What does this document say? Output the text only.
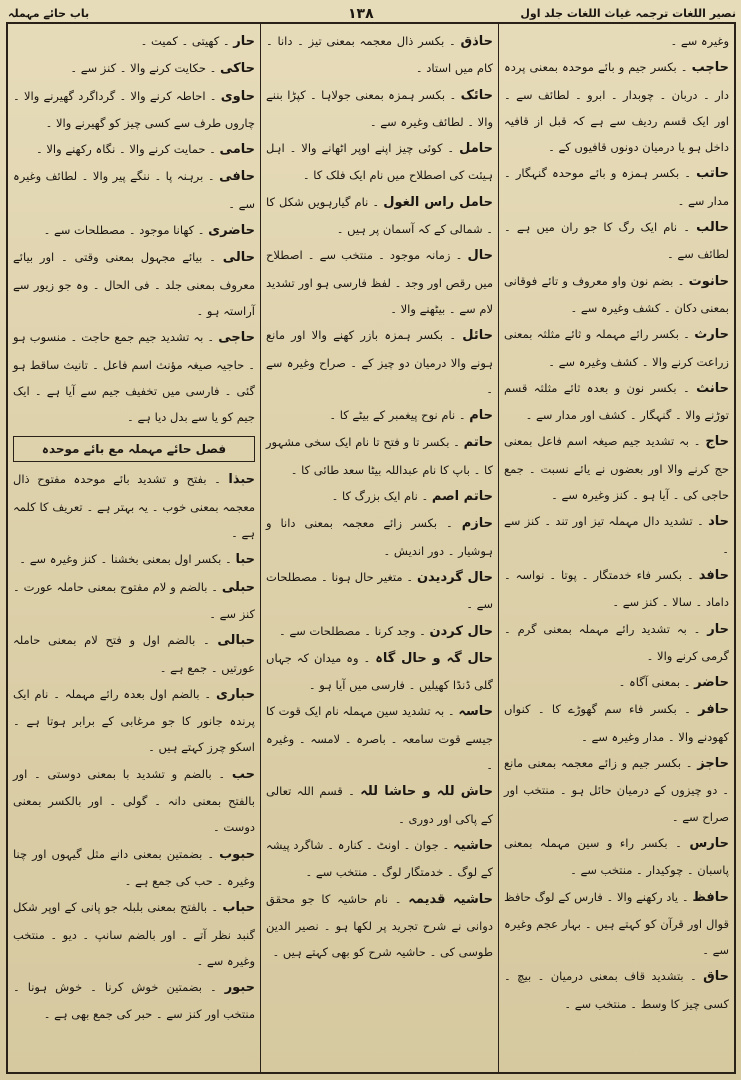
نصیر اللغات ترجمہ غیاث اللغات جلد اول
۱۳۸
باب حائے مہملہ
وغیرہ سے ۔
حاجب ۔ بکسر جیم و بائے موحدہ بمعنی پردہ دار ۔ دربان ۔ چوبدار ۔ ابرو ۔ لطائف سے ۔ اور ایک قسم ردیف سے ہے کہ قبل از قافیہ داخل ہو یا درمیان دونوں قافیوں کے ۔
حاتب ۔ بکسر ہمزہ و بائے موحدہ گنہگار ۔ مدار سے ۔
حالب ۔ نام ایک رگ کا جو ران میں ہے ۔ لطائف سے ۔
حانوت ۔ بضم نون واو معروف و تائے فوقانی بمعنی دکان ۔ کشف وغیرہ سے ۔
حارث ۔ بکسر رائے مہملہ و ثائے مثلثہ بمعنی زراعت کرنے والا ۔ کشف وغیرہ سے ۔
حانث ۔ بکسر نون و بعدہ ثائے مثلثہ قسم توڑنے والا ۔ گنہگار ۔ کشف اور مدار سے ۔
حاج ۔ بہ تشدید جیم صیغہ اسم فاعل بمعنی حج کرنے والا اور بعضوں نے یائے نسبت ۔ جمع حاجی کی ۔ آیا ہو ۔ کنز وغیرہ سے ۔
حاد ۔ تشدید دال مہملہ تیز اور تند ۔ کنز سے ۔
حافد ۔ بکسر فاء خدمتگار ۔ پوتا ۔ نواسہ ۔ داماد ۔ سالا ۔ کنز سے ۔
حار ۔ بہ تشدید رائے مہملہ بمعنی گرم ۔ گرمی کرنے والا ۔
حاضر ۔ بمعنی آگاہ ۔
حافر ۔ بکسر فاء سم گھوڑے کا ۔ کنواں کھودنے والا ۔ مدار وغیرہ سے ۔
حاجز ۔ بکسر جیم و زائے معجمہ بمعنی مانع ۔ دو چیزوں کے درمیان حائل ہو ۔ منتخب اور صراح سے ۔
حارس ۔ بکسر راء و سین مہملہ بمعنی پاسبان ۔ چوکیدار ۔ منتخب سے ۔
حافظ ۔ یاد رکھنے والا ۔ فارس کے لوگ حافظ قوال اور قرآن کو کہتے ہیں ۔ بہار عجم وغیرہ سے ۔
حاق ۔ بتشدید قاف بمعنی درمیان ۔ بیچ ۔ کسی چیز کا وسط ۔ منتخب سے ۔
حاذق ۔ بکسر ذال معجمہ بمعنی تیز ۔ دانا ۔ کام میں استاد ۔
حائک ۔ بکسر ہمزہ بمعنی جولاہا ۔ کپڑا بننے والا ۔ لطائف وغیرہ سے ۔
حامل ۔ کوئی چیز اپنے اوپر اٹھانے والا ۔ اہل ہیئت کی اصطلاح میں نام ایک فلک کا ۔
حامل راس الغول ۔ نام گیارہویں شکل کا ۔ شمالی کے کہ آسمان پر ہیں ۔
حال ۔ زمانہ موجود ۔ منتخب سے ۔ اصطلاح میں رقص اور وجد ۔ لفظ فارسی ہو اور تشدید لام سے ۔ بیٹھنے والا ۔
حائل ۔ بکسر ہمزہ بازر کھنے والا اور مانع ہونے والا درمیان دو چیز کے ۔ صراح وغیرہ سے ۔
حام ۔ نام نوح پیغمبر کے بیٹے کا ۔
حاتم ۔ بکسر تا و فتح تا نام ایک سخی مشہور کا ۔ باپ کا نام عبداللہ بیٹا سعد طائی کا ۔
حاتم اصم ۔ نام ایک بزرگ کا ۔
حازم ۔ بکسر زائے معجمہ بمعنی دانا و ہوشیار ۔ دور اندیش ۔
حال گردیدن ۔ متغیر حال ہونا ۔ مصطلحات سے ۔
حال کردن ۔ وجد کرنا ۔ مصطلحات سے ۔
حال گہ و حال گاہ ۔ وہ میدان کہ جہاں گلی ڈنڈا کھیلیں ۔ فارسی میں آیا ہو ۔
حاسہ ۔ بہ تشدید سین مہملہ نام ایک قوت کا جیسے قوت سامعہ ۔ باصرہ ۔ لامسہ ۔ وغیرہ ۔
حاش للہ و حاشا للہ ۔ قسم اللہ تعالی کے پاکی اور دوری ۔
حاشیہ ۔ جوان ۔ اونٹ ۔ کنارہ ۔ شاگرد پیشہ کے لوگ ۔ خدمتگار لوگ ۔ منتخب سے ۔
حاشیہ قدیمہ ۔ نام حاشیہ کا جو محقق دوانی نے شرح تجرید پر لکھا ہو ۔ نصیر الدین طوسی کی ۔ حاشیہ شرح کو بھی کہتے ہیں ۔
حار ۔ کھیتی ۔ کمیت ۔
حاکی ۔ حکایت کرنے والا ۔ کنز سے ۔
حاوی ۔ احاطہ کرنے والا ۔ گرداگرد گھیرنے والا ۔ چاروں طرف سے کسی چیز کو گھیرنے والا ۔
حامی ۔ حمایت کرنے والا ۔ نگاہ رکھنے والا ۔
حافی ۔ برہنہ پا ۔ ننگے پیر والا ۔ لطائف وغیرہ سے ۔
حاضری ۔ کھانا موجود ۔ مصطلحات سے ۔
حالی ۔ بیائے مجہول بمعنی وقتی ۔ اور بیائے معروف بمعنی جلد ۔ فی الحال ۔ وہ جو زیور سے آراستہ ہو ۔
حاجی ۔ بہ تشدید جیم جمع حاجت ۔ منسوب ہو ۔ حاجیہ صیغہ مؤنث اسم فاعل ۔ تانیث ساقط ہو گئی ۔ فارسی میں تخفیف جیم سے آیا ہے ۔ ایک جیم کو یا سے بدل دیا ہے ۔
فصل حائے مہملہ مع بائے موحدہ
حبذا ۔ بفتح و تشدید بائے موحدہ مفتوح ذال معجمہ بمعنی خوب ۔ یہ بہتر ہے ۔ تعریف کا کلمہ ہے ۔
حبا ۔ بکسر اول بمعنی بخشنا ۔ کنز وغیرہ سے ۔
حبلی ۔ بالضم و لام مفتوح بمعنی حاملہ عورت ۔ کنز سے ۔
حبالی ۔ بالضم اول و فتح لام بمعنی حاملہ عورتیں ۔ جمع ہے ۔
حباری ۔ بالضم اول بعدہ رائے مہملہ ۔ نام ایک پرندہ جانور کا جو مرغابی کے برابر ہوتا ہے ۔ اسکو چرز کہتے ہیں ۔
حب ۔ بالضم و تشدید با بمعنی دوستی ۔ اور بالفتح بمعنی دانہ ۔ گولی ۔ اور بالکسر بمعنی دوست ۔
حبوب ۔ بضمتین بمعنی دانے مثل گیہوں اور چنا وغیرہ ۔ حب کی جمع ہے ۔
حباب ۔ بالفتح بمعنی بلبلہ جو پانی کے اوپر شکل گنبد نظر آتے ۔ اور بالضم سانپ ۔ دیو ۔ منتخب وغیرہ سے ۔
حبور ۔ بضمتین خوش کرنا ۔ خوش ہونا ۔ منتخب اور کنز سے ۔ حبر کی جمع بھی ہے ۔
